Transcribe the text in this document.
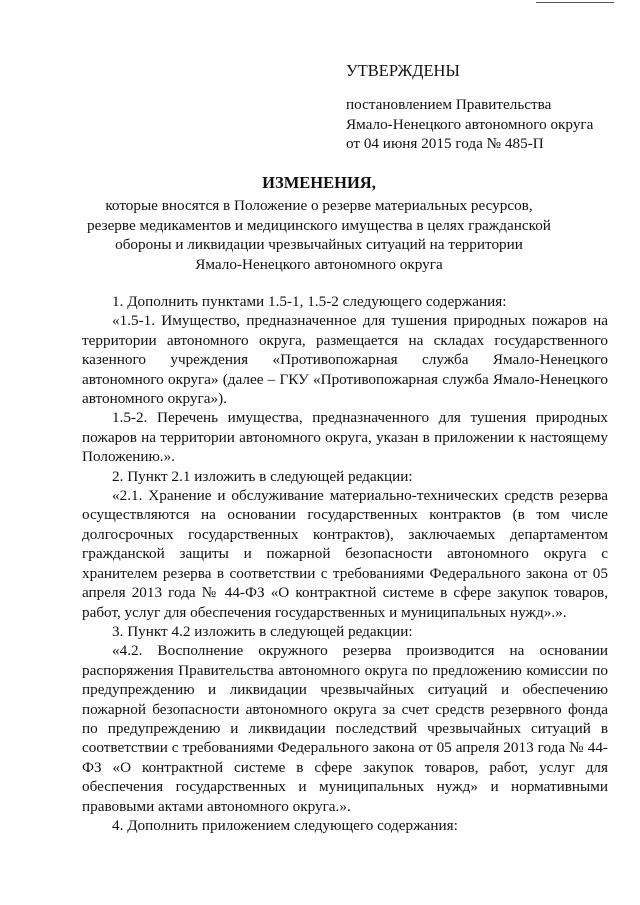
УТВЕРЖДЕНЫ
постановлением Правительства
Ямало-Ненецкого автономного округа
от 04 июня 2015 года № 485-П
ИЗМЕНЕНИЯ,
которые вносятся в Положение о резерве материальных ресурсов,
резерве медикаментов и медицинского имущества в целях гражданской
обороны и ликвидации чрезвычайных ситуаций на территории
Ямало-Ненецкого автономного округа

1. Дополнить пунктами 1.5-1, 1.5-2 следующего содержания:

«1.5-1. Имущество, предназначенное для тушения природных пожаров на территории автономного округа, размещается на складах государственного казенного учреждения «Противопожарная служба Ямало-Ненецкого автономного округа» (далее – ГКУ «Противопожарная служба Ямало-Ненецкого автономного округа»).

1.5-2. Перечень имущества, предназначенного для тушения природных пожаров на территории автономного округа, указан в приложении к настоящему Положению.».

2. Пункт 2.1 изложить в следующей редакции:

«2.1. Хранение и обслуживание материально-технических средств резерва осуществляются на основании государственных контрактов (в том числе долгосрочных государственных контрактов), заключаемых департаментом гражданской защиты и пожарной безопасности автономного округа с хранителем резерва в соответствии с требованиями Федерального закона от 05 апреля 2013 года № 44-ФЗ «О контрактной системе в сфере закупок товаров, работ, услуг для обеспечения государственных и муниципальных нужд».».

3. Пункт 4.2 изложить в следующей редакции:

«4.2. Восполнение окружного резерва производится на основании распоряжения Правительства автономного округа по предложению комиссии по предупреждению и ликвидации чрезвычайных ситуаций и обеспечению пожарной безопасности автономного округа за счет средств резервного фонда по предупреждению и ликвидации последствий чрезвычайных ситуаций в соответствии с требованиями Федерального закона от 05 апреля 2013 года № 44-ФЗ «О контрактной системе в сфере закупок товаров, работ, услуг для обеспечения государственных и муниципальных нужд» и нормативными правовыми актами автономного округа.».

4. Дополнить приложением следующего содержания:
